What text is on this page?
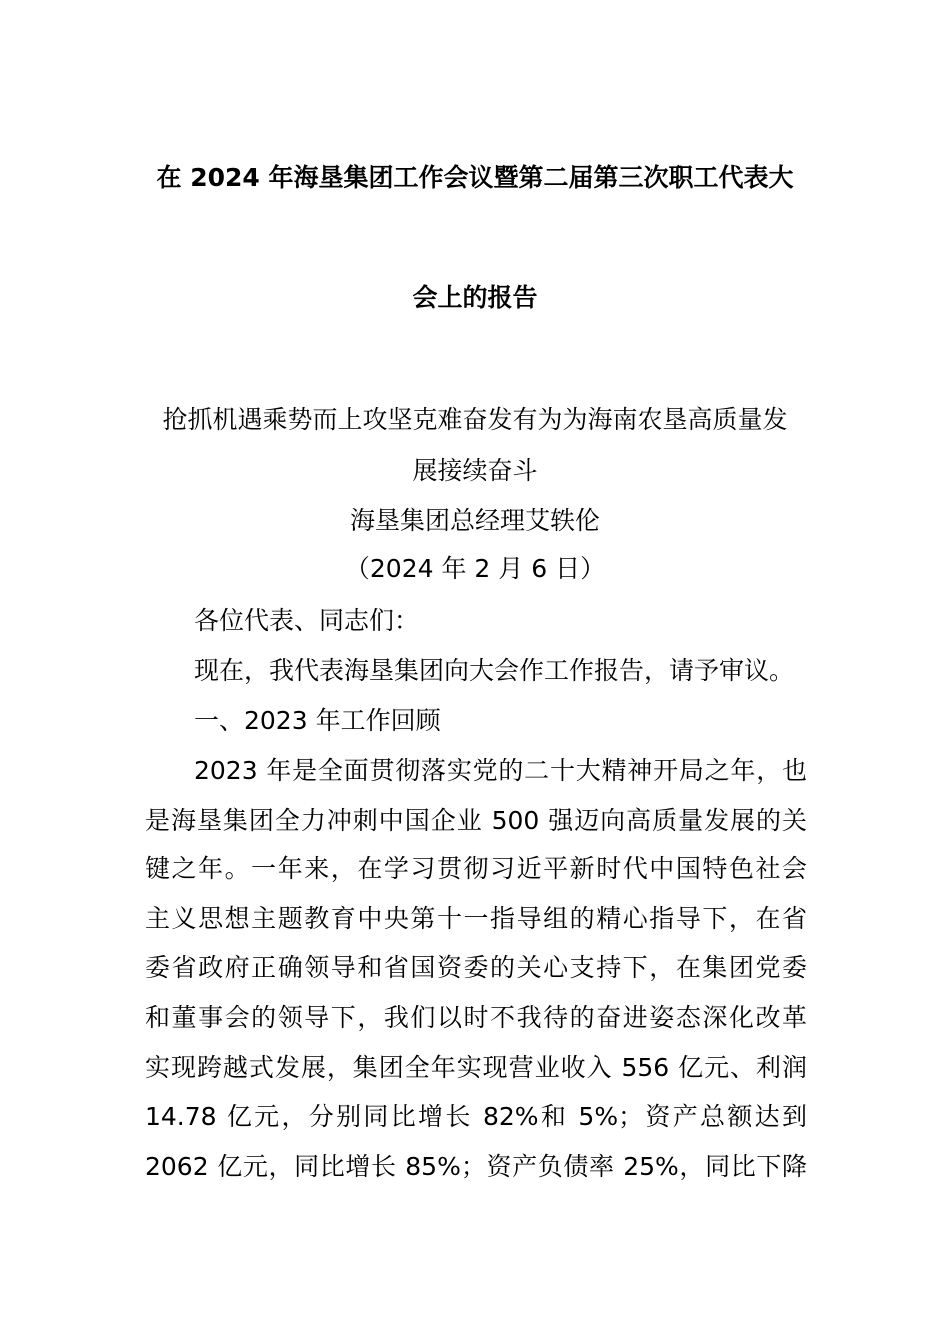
在 2024 年海垦集团工作会议暨第二届第三次职工代表大
会上的报告
抢抓机遇乘势而上攻坚克难奋发有为为海南农垦高质量发
展接续奋斗
海垦集团总经理艾轶伦
（2024 年 2 月 6 日）
各位代表、同志们：
现在，我代表海垦集团向大会作工作报告，请予审议。
一、2023 年工作回顾
2023 年是全面贯彻落实党的二十大精神开局之年，也
是海垦集团全力冲刺中国企业 500 强迈向高质量发展的关
键之年。一年来，在学习贯彻习近平新时代中国特色社会
主义思想主题教育中央第十一指导组的精心指导下，在省
委省政府正确领导和省国资委的关心支持下，在集团党委
和董事会的领导下，我们以时不我待的奋进姿态深化改革
实现跨越式发展，集团全年实现营业收入 556 亿元、利润
14.78 亿元，分别同比增长 82%和 5%；资产总额达到
2062 亿元，同比增长 85%；资产负债率 25%，同比下降
